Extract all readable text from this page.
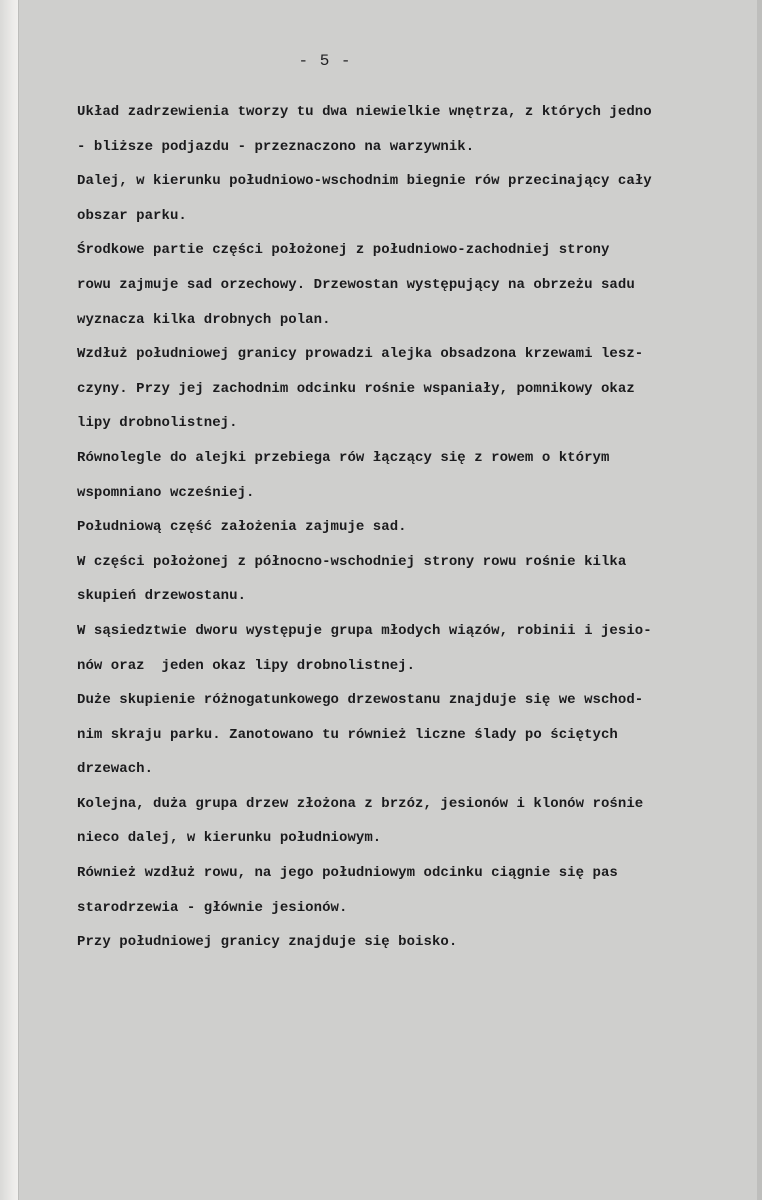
- 5 -
Układ zadrzewienia tworzy tu dwa niewielkie wnętrza, z których jedno
- bliższe podjazdu - przeznaczono na warzywnik.
Dalej, w kierunku południowo-wschodnim biegnie rów przecinający cały
obszar parku.
Środkowe partie części położonej z południowo-zachodniej strony
rowu zajmuje sad orzechowy. Drzewostan występujący na obrzeżu sadu
wyznacza kilka drobnych polan.
Wzdłuż południowej granicy prowadzi alejka obsadzona krzewami lesz-
czyny. Przy jej zachodnim odcinku rośnie wspaniały, pomnikowy okaz
lipy drobnolistnej.
Równolegle do alejki przebiega rów łączący się z rowem o którym
wspomniano wcześniej.
Południową część założenia zajmuje sad.
W części położonej z północno-wschodniej strony rowu rośnie kilka
skupień drzewostanu.
W sąsiedztwie dworu występuje grupa młodych wiązów, robinii i jesio-
nów oraz  jeden okaz lipy drobnolistnej.
Duże skupienie różnogatunkowego drzewostanu znajduje się we wschod-
nim skraju parku. Zanotowano tu również liczne ślady po ściętych
drzewach.
Kolejna, duża grupa drzew złożona z brzóz, jesionów i klonów rośnie
nieco dalej, w kierunku południowym.
Również wzdłuż rowu, na jego południowym odcinku ciągnie się pas
starodrzewia - głównie jesionów.
Przy południowej granicy znajduje się boisko.
